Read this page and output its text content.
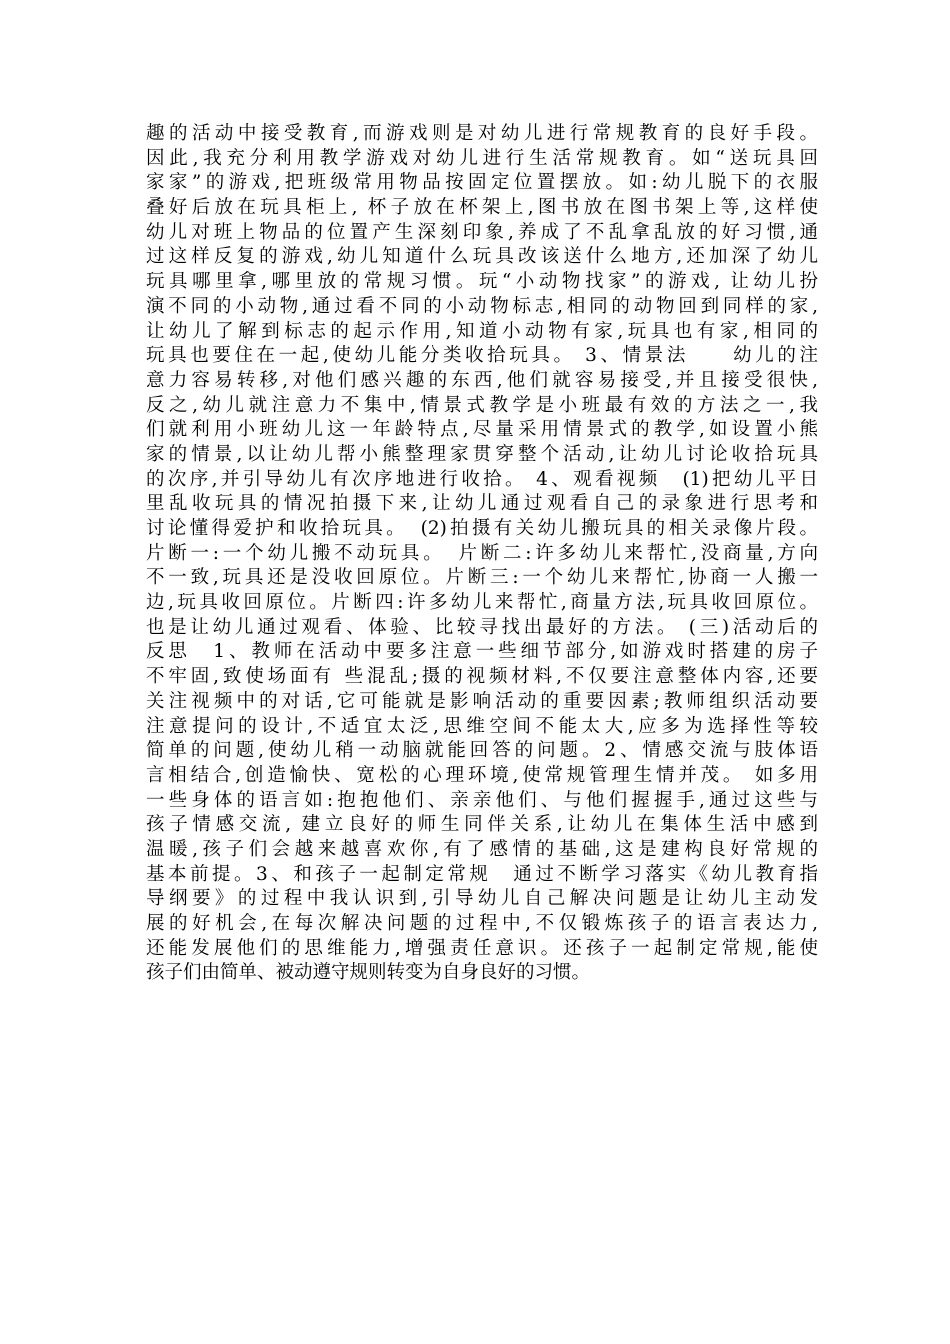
趣的活动中接受教育,而游戏则是对幼儿进行常规教育的良好手段。
因此,我充分利用教学游戏对幼儿进行生活常规教育。如“送玩具回
家家”的游戏,把班级常用物品按固定位置摆放。如:幼儿脱下的衣服
叠好后放在玩具柜上, 杯子放在杯架上,图书放在图书架上等,这样使
幼儿对班上物品的位置产生深刻印象,养成了不乱拿乱放的好习惯,通
过这样反复的游戏,幼儿知道什么玩具改该送什么地方,还加深了幼儿
玩具哪里拿,哪里放的常规习惯。玩“小动物找家”的游戏, 让幼儿扮
演不同的小动物,通过看不同的小动物标志,相同的动物回到同样的家,
让幼儿了解到标志的起示作用,知道小动物有家,玩具也有家,相同的
玩具也要住在一起,使幼儿能分类收拾玩具。 3、情景法　　幼儿的注
意力容易转移,对他们感兴趣的东西,他们就容易接受,并且接受很快,
反之,幼儿就注意力不集中,情景式教学是小班最有效的方法之一,我
们就利用小班幼儿这一年龄特点,尽量采用情景式的教学,如设置小熊
家的情景,以让幼儿帮小熊整理家贯穿整个活动,让幼儿讨论收拾玩具
的次序,并引导幼儿有次序地进行收拾。 4、观看视频　(1)把幼儿平日
里乱收玩具的情况拍摄下来,让幼儿通过观看自己的录象进行思考和
讨论懂得爱护和收拾玩具。　(2)拍摄有关幼儿搬玩具的相关录像片段。
片断一:一个幼儿搬不动玩具。　片断二:许多幼儿来帮忙,没商量,方向
不一致,玩具还是没收回原位。片断三:一个幼儿来帮忙,协商一人搬一
边,玩具收回原位。片断四:许多幼儿来帮忙,商量方法,玩具收回原位。
也是让幼儿通过观看、体验、比较寻找出最好的方法。 (三)活动后的
反思　1、教师在活动中要多注意一些细节部分,如游戏时搭建的房子
不牢固,致使场面有 些混乱;摄的视频材料,不仅要注意整体内容,还要
关注视频中的对话,它可能就是影响活动的重要因素;教师组织活动要
注意提问的设计,不适宜太泛,思维空间不能太大,应多为选择性等较
简单的问题,使幼儿稍一动脑就能回答的问题。2、情感交流与肢体语
言相结合,创造愉快、宽松的心理环境,使常规管理生情并茂。 如多用
一些身体的语言如:抱抱他们、亲亲他们、与他们握握手,通过这些与
孩子情感交流, 建立良好的师生同伴关系,让幼儿在集体生活中感到
温暖,孩子们会越来越喜欢你,有了感情的基础,这是建构良好常规的
基本前提。3、和孩子一起制定常规　通过不断学习落实《幼儿教育指
导纲要》的过程中我认识到,引导幼儿自己解决问题是让幼儿主动发
展的好机会,在每次解决问题的过程中,不仅锻炼孩子的语言表达力,
还能发展他们的思维能力,增强责任意识。还孩子一起制定常规,能使
孩子们由简单、被动遵守规则转变为自身良好的习惯。
